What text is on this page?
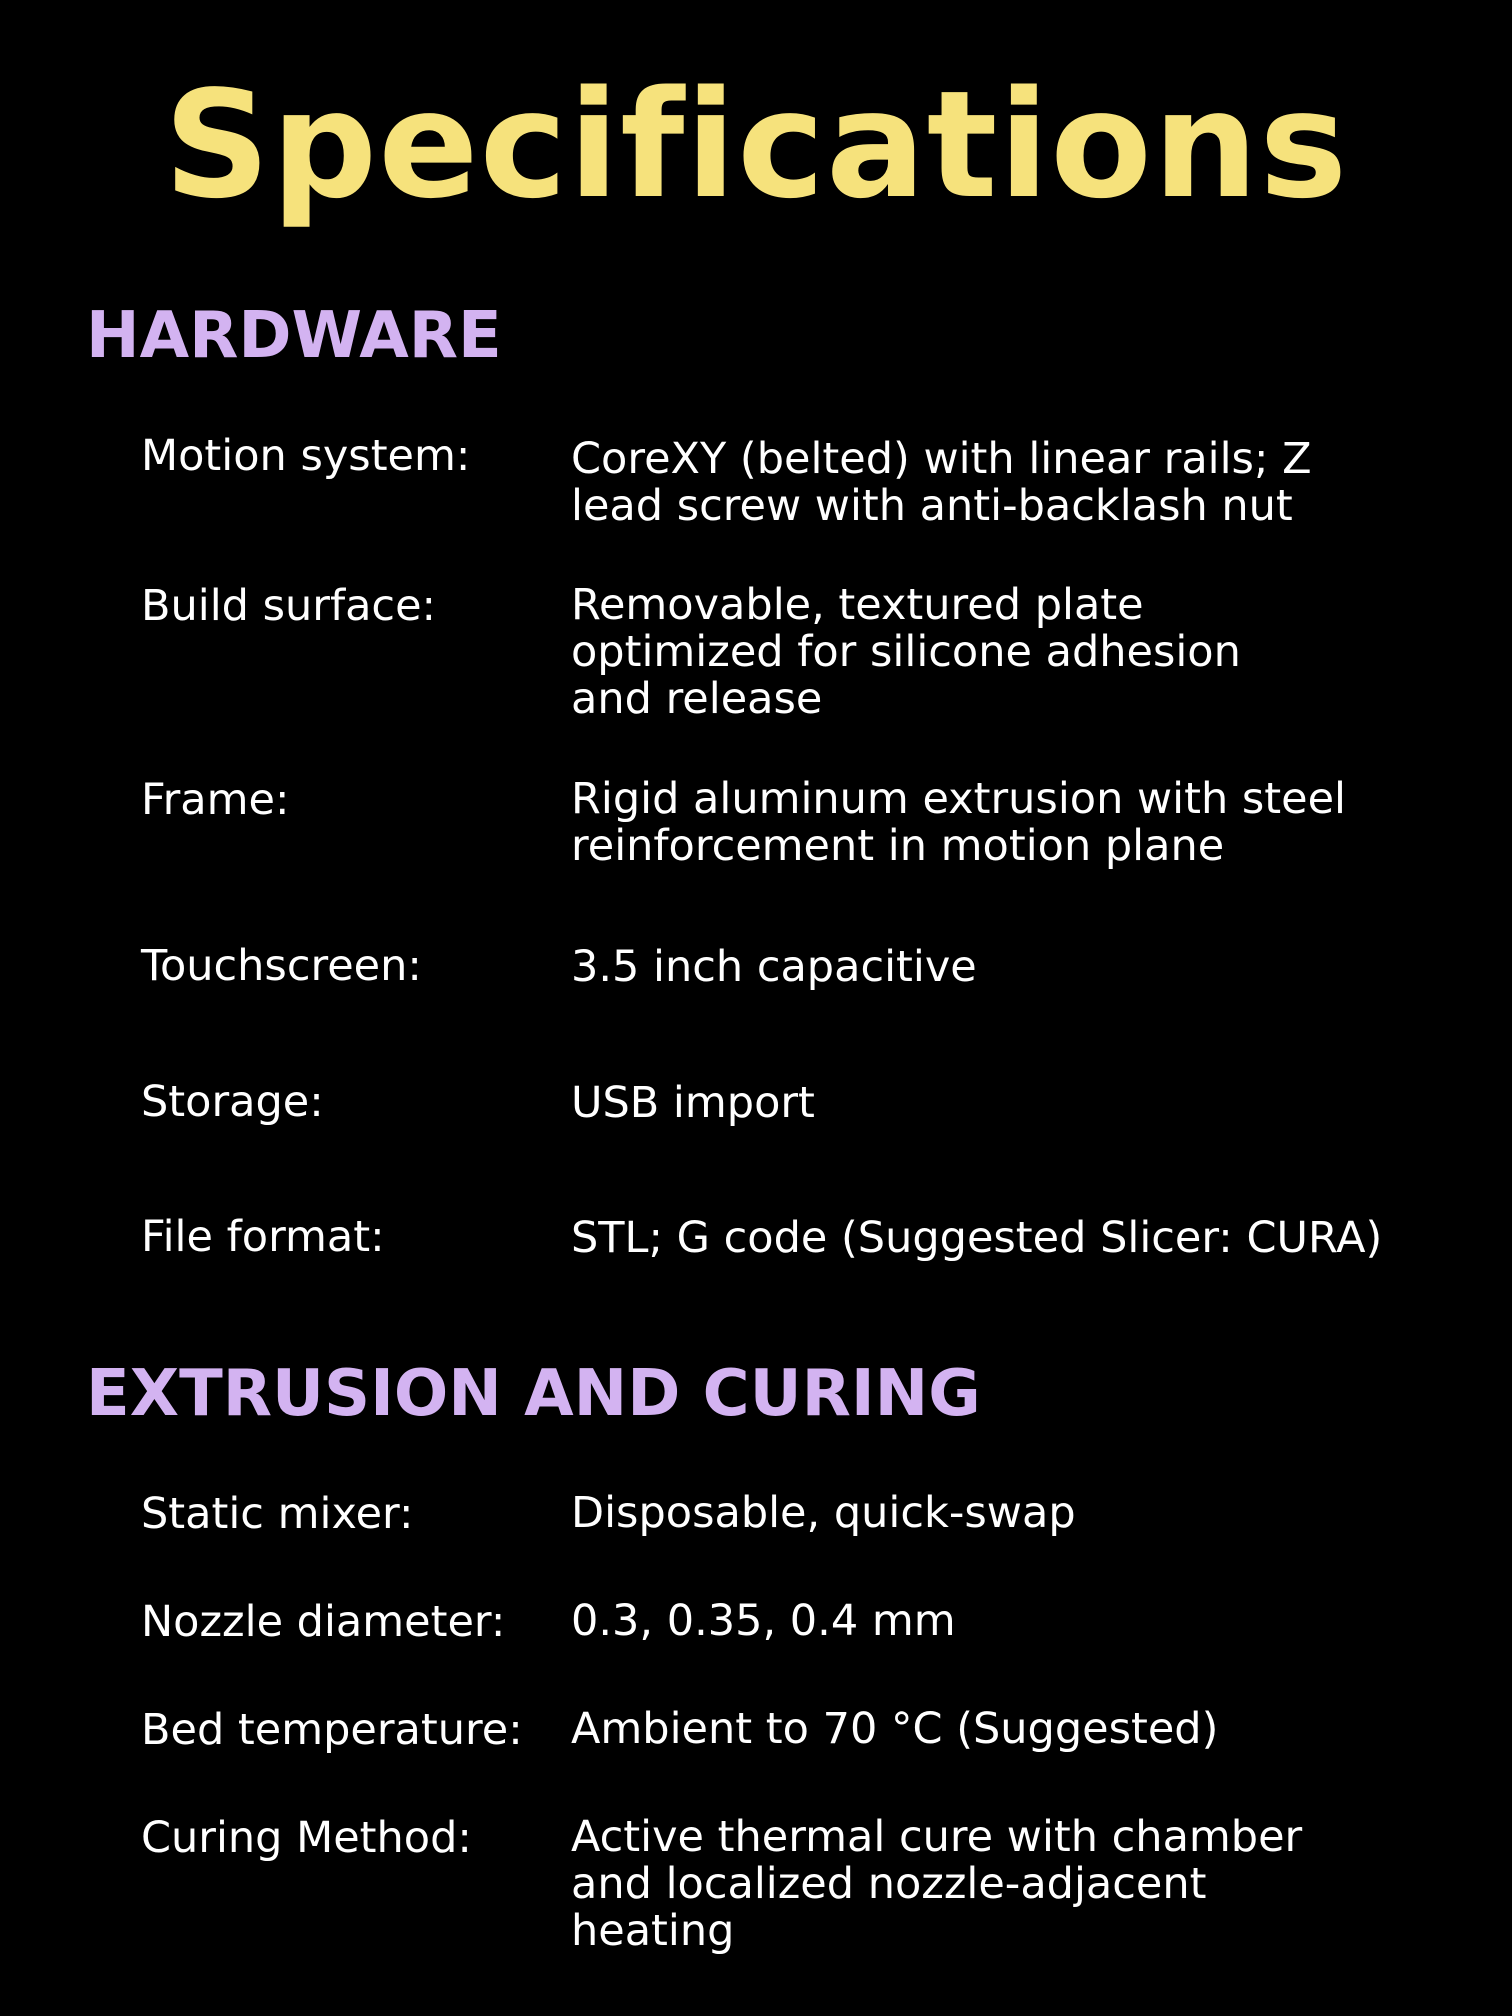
Specifications
HARDWARE
Motion system:	CoreXY (belted) with linear rails; Z
lead screw with anti-backlash nut
Build surface:	Removable, textured plate
optimized for silicone adhesion
and release
Frame:	Rigid aluminum extrusion with steel
reinforcement in motion plane
Touchscreen:	3.5 inch capacitive
Storage:	USB import
File format:	STL; G code (Suggested Slicer: CURA)
EXTRUSION AND CURING
Static mixer:	Disposable, quick-swap
Nozzle diameter:	0.3, 0.35, 0.4 mm
Bed temperature:	Ambient to 70 °C (Suggested)
Curing Method:	Active thermal cure with chamber
and localized nozzle-adjacent
heating
